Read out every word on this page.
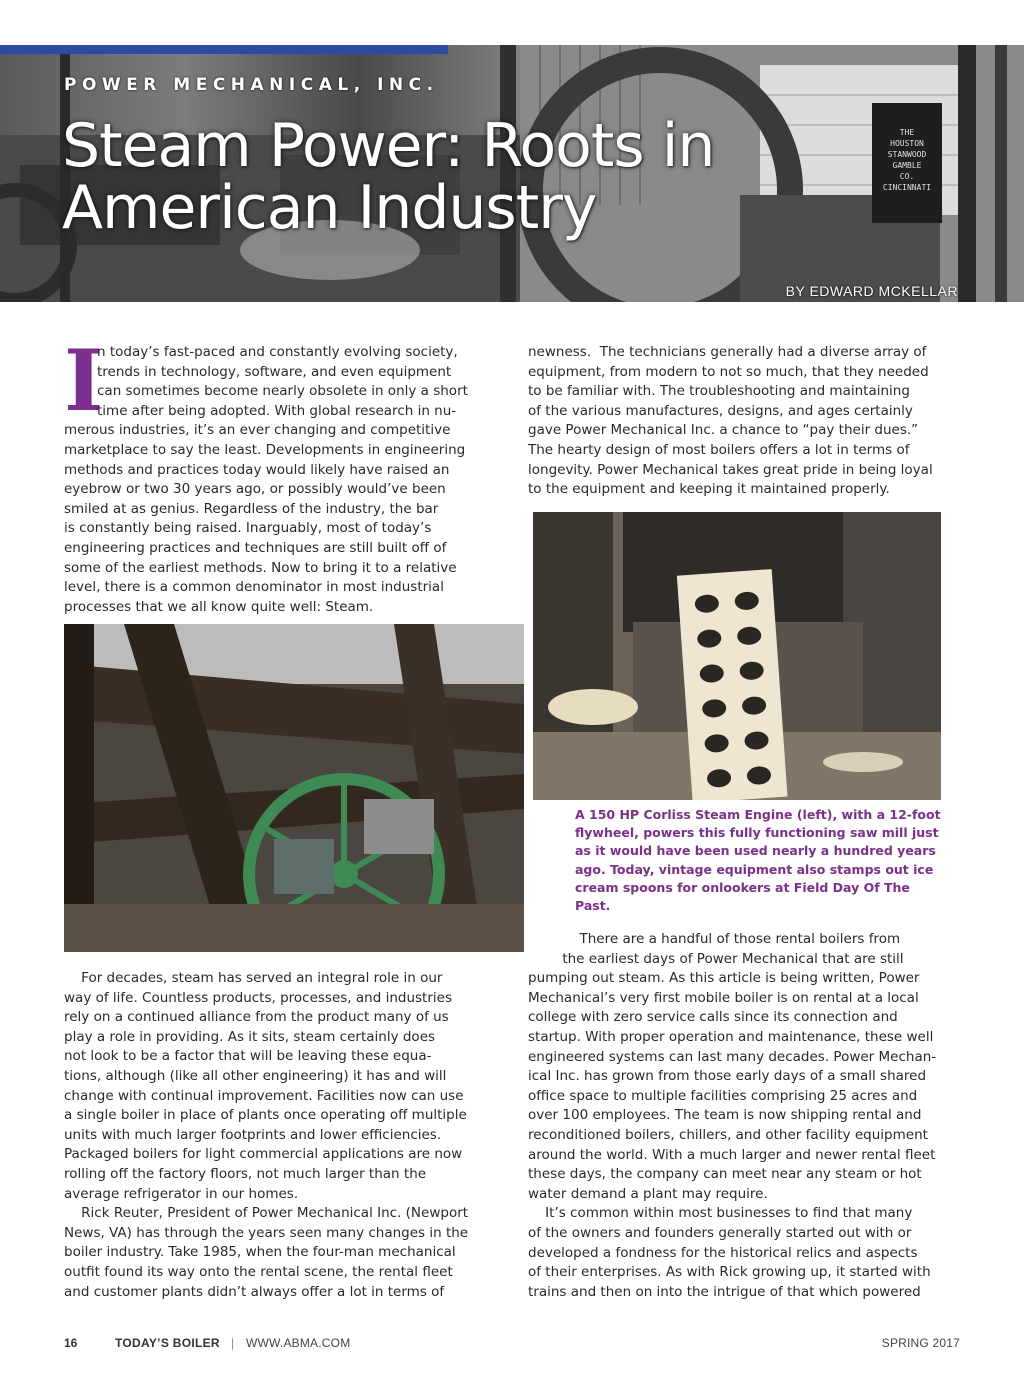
THE HOUSTON STANWOOD GAMBLE CO. CINCINNATI
POWER MECHANICAL, INC.
Steam Power: Roots in
American Industry
BY EDWARD MCKELLAR
I

n today’s fast-paced and constantly evolving society,

trends in technology, software, and even equipment

can sometimes become nearly obsolete in only a short

time after being adopted. With global research in nu-

merous industries, it’s an ever changing and competitive

marketplace to say the least. Developments in engineering

methods and practices today would likely have raised an

eyebrow or two 30 years ago, or possibly would’ve been

smiled at as genius. Regardless of the industry, the bar

is constantly being raised. Inarguably, most of today’s

engineering practices and techniques are still built off of

some of the earliest methods. Now to bring it to a relative

level, there is a common denominator in most industrial

processes that we all know quite well: Steam.

newness.  The technicians generally had a diverse array of

equipment, from modern to not so much, that they needed

to be familiar with. The troubleshooting and maintaining

of the various manufactures, designs, and ages certainly

gave Power Mechanical Inc. a chance to “pay their dues.”

The hearty design of most boilers offers a lot in terms of

longevity. Power Mechanical takes great pride in being loyal

to the equipment and keeping it maintained properly.

A 150 HP Corliss Steam Engine (left), with a 12-foot

flywheel, powers this fully functioning saw mill just

as it would have been used nearly a hundred years

ago. Today, vintage equipment also stamps out ice

cream spoons for onlookers at Field Day Of The

Past.

For decades, steam has served an integral role in our

way of life. Countless products, processes, and industries

rely on a continued alliance from the product many of us

play a role in providing. As it sits, steam certainly does

not look to be a factor that will be leaving these equa-

tions, although (like all other engineering) it has and will

change with continual improvement. Facilities now can use

a single boiler in place of plants once operating off multiple

units with much larger footprints and lower efficiencies.

Packaged boilers for light commercial applications are now

rolling off the factory floors, not much larger than the

average refrigerator in our homes.

Rick Reuter, President of Power Mechanical Inc. (Newport

News, VA) has through the years seen many changes in the

boiler industry. Take 1985, when the four-man mechanical

outfit found its way onto the rental scene, the rental fleet

and customer plants didn’t always offer a lot in terms of

There are a handful of those rental boilers from

the earliest days of Power Mechanical that are still

pumping out steam. As this article is being written, Power

Mechanical’s very first mobile boiler is on rental at a local

college with zero service calls since its connection and

startup. With proper operation and maintenance, these well

engineered systems can last many decades. Power Mechan-

ical Inc. has grown from those early days of a small shared

office space to multiple facilities comprising 25 acres and

over 100 employees. The team is now shipping rental and

reconditioned boilers, chillers, and other facility equipment

around the world. With a much larger and newer rental fleet

these days, the company can meet near any steam or hot

water demand a plant may require.

It’s common within most businesses to find that many

of the owners and founders generally started out with or

developed a fondness for the historical relics and aspects

of their enterprises. As with Rick growing up, it started with

trains and then on into the intrigue of that which powered

16	TODAY’S BOILER | WWW.ABMA.COM	SPRING 2017
